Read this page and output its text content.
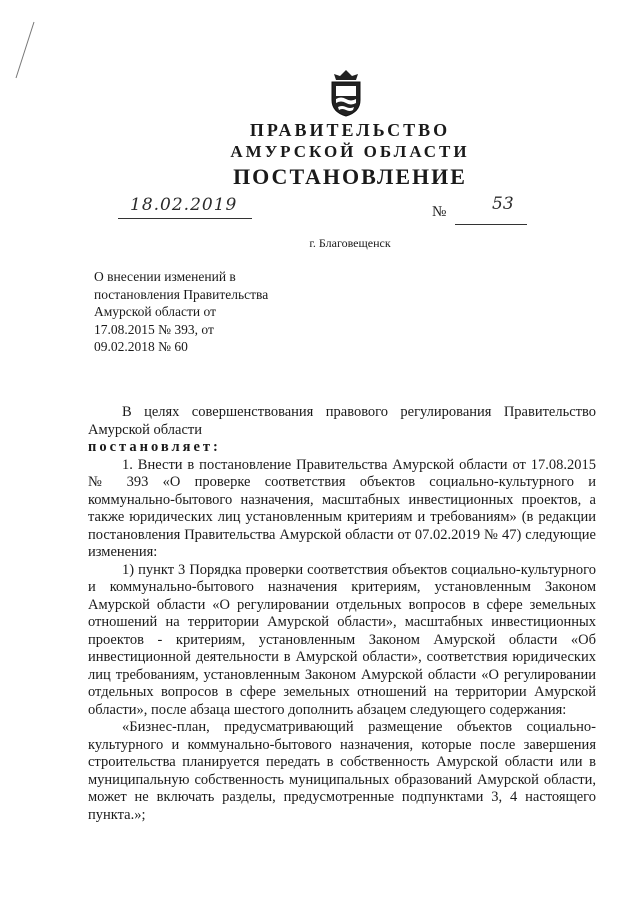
ПРАВИТЕЛЬСТВО
АМУРСКОЙ ОБЛАСТИ
ПОСТАНОВЛЕНИЕ
18.02.2019	№	53
г. Благовещенск
О внесении изменений в
постановления Правительства
Амурской области от
17.08.2015 № 393, от
09.02.2018 № 60

В целях совершенствования правового регулирования Правительство Амурской области

постановляет:

1. Внести в постановление Правительства Амурской области от 17.08.2015 № 393 «О проверке соответствия объектов социально-культурного и коммунально-бытового назначения, масштабных инвестиционных проектов, а также юридических лиц установленным критериям и требованиям» (в редакции постановления Правительства Амурской области от 07.02.2019 № 47) следующие изменения:

1) пункт 3 Порядка проверки соответствия объектов социально-культурного и коммунально-бытового назначения критериям, установленным Законом Амурской области «О регулировании отдельных вопросов в сфере земельных отношений на территории Амурской области», масштабных инвестиционных проектов - критериям, установленным Законом Амурской области «Об инвестиционной деятельности в Амурской области», соответствия юридических лиц требованиям, установленным Законом Амурской области «О регулировании отдельных вопросов в сфере земельных отношений на территории Амурской области», после абзаца шестого дополнить абзацем следующего содержания:

«Бизнес-план, предусматривающий размещение объектов социально-культурного и коммунально-бытового назначения, которые после завершения строительства планируется передать в собственность Амурской области или в муниципальную собственность муниципальных образований Амурской области, может не включать разделы, предусмотренные подпунктами 3, 4 настоящего пункта.»;
